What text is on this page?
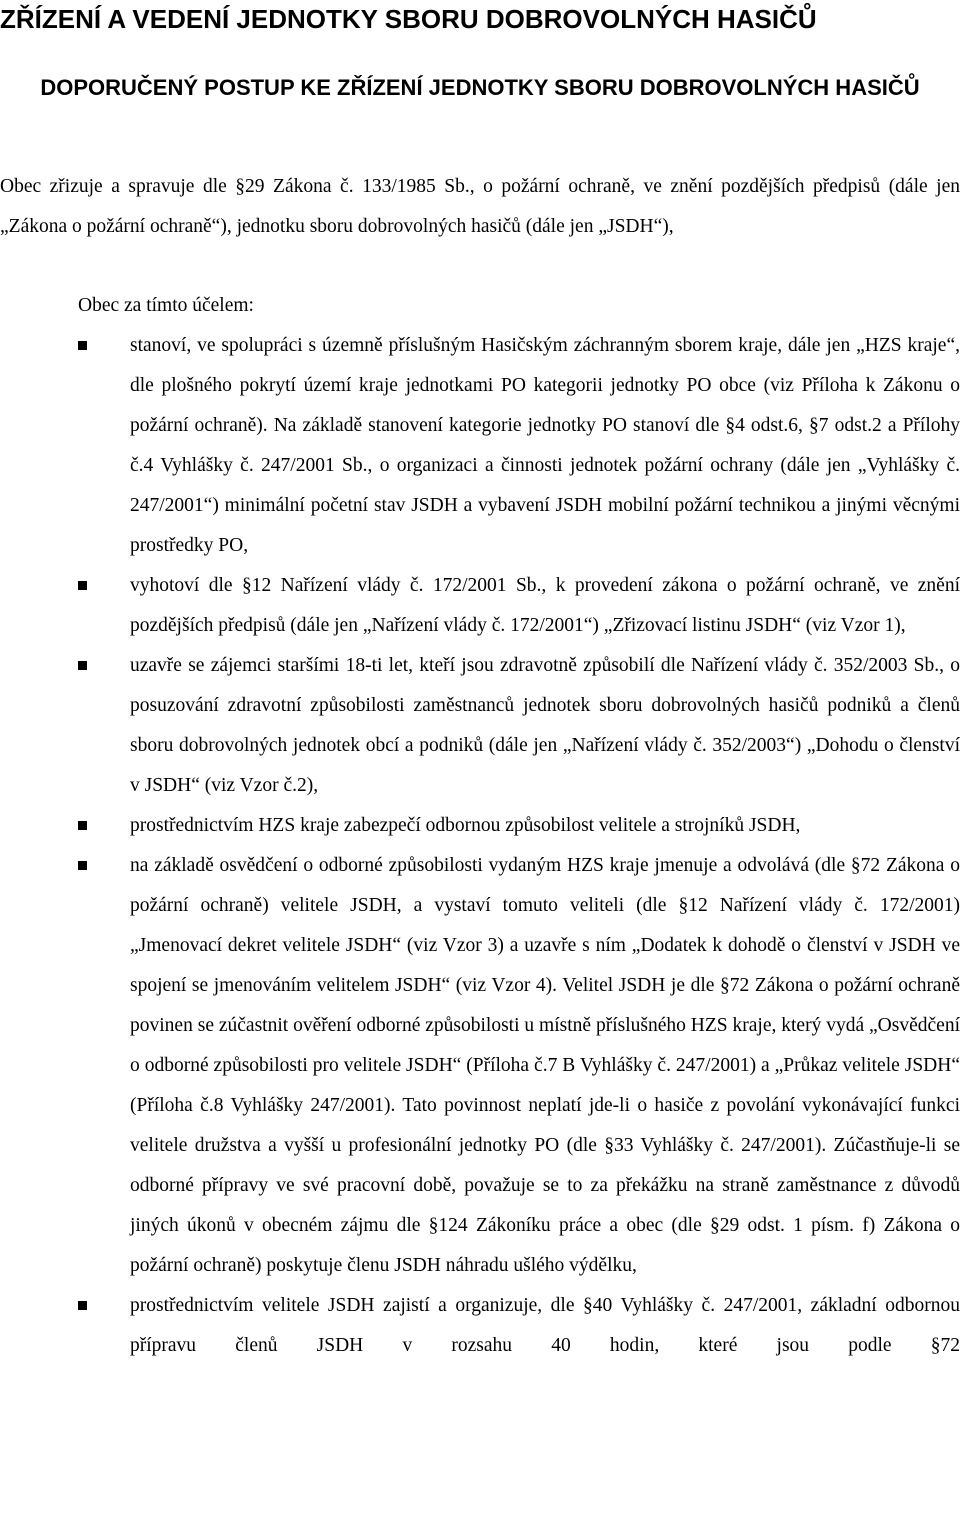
ZŘÍZENÍ A VEDENÍ JEDNOTKY SBORU DOBROVOLNÝCH HASIČŮ
DOPORUČENÝ POSTUP KE ZŘÍZENÍ JEDNOTKY SBORU DOBROVOLNÝCH HASIČŮ

Obec zřizuje a spravuje dle §29 Zákona č. 133/1985 Sb., o požární ochraně, ve znění pozdějších předpisů (dále jen „Zákona o požární ochraně“), jednotku sboru dobrovolných hasičů (dále jen „JSDH“),

Obec za tímto účelem:

stanoví, ve spolupráci s územně příslušným Hasičským záchranným sborem kraje, dále jen „HZS kraje“, dle plošného pokrytí území kraje jednotkami PO kategorii jednotky PO obce (viz Příloha k Zákonu o požární ochraně). Na základě stanovení kategorie jednotky PO stanoví dle §4 odst.6, §7 odst.2 a Přílohy č.4 Vyhlášky č. 247/2001 Sb., o organizaci a činnosti jednotek požární ochrany (dále jen „Vyhlášky č. 247/2001“) minimální početní stav JSDH a vybavení JSDH mobilní požární technikou a jinými věcnými prostředky PO,

vyhotoví dle §12 Nařízení vlády č. 172/2001 Sb., k provedení zákona o požární ochraně, ve znění pozdějších předpisů (dále jen „Nařízení vlády č. 172/2001“) „Zřizovací listinu JSDH“ (viz Vzor 1),

uzavře se zájemci staršími 18-ti let, kteří jsou zdravotně způsobilí dle Nařízení vlády č. 352/2003 Sb., o posuzování zdravotní způsobilosti zaměstnanců jednotek sboru dobrovolných hasičů podniků a členů sboru dobrovolných jednotek obcí a podniků (dále jen „Nařízení vlády č. 352/2003“) „Dohodu o členství v JSDH“ (viz Vzor č.2),

prostřednictvím HZS kraje zabezpečí odbornou způsobilost velitele a strojníků JSDH,

na základě osvědčení o odborné způsobilosti vydaným HZS kraje jmenuje a odvolává (dle §72 Zákona o požární ochraně) velitele JSDH, a vystaví tomuto veliteli (dle §12 Nařízení vlády č. 172/2001) „Jmenovací dekret velitele JSDH“ (viz Vzor 3) a uzavře s ním „Dodatek k dohodě o členství v JSDH ve spojení se jmenováním velitelem JSDH“ (viz Vzor 4). Velitel JSDH je dle §72 Zákona o požární ochraně povinen se zúčastnit ověření odborné způsobilosti u místně příslušného HZS kraje, který vydá „Osvědčení o odborné způsobilosti pro velitele JSDH“ (Příloha č.7 B Vyhlášky č. 247/2001) a „Průkaz velitele JSDH“ (Příloha č.8 Vyhlášky 247/2001). Tato povinnost neplatí jde-li o hasiče z povolání vykonávající funkci velitele družstva a vyšší u profesionální jednotky PO (dle §33 Vyhlášky č. 247/2001). Zúčastňuje-li se odborné přípravy ve své pracovní době, považuje se to za překážku na straně zaměstnance z důvodů jiných úkonů v obecném zájmu dle §124 Zákoníku práce a obec (dle §29 odst. 1 písm. f) Zákona o požární ochraně) poskytuje členu JSDH náhradu ušlého výdělku,

prostřednictvím velitele JSDH zajistí a organizuje, dle §40 Vyhlášky č. 247/2001, základní odbornou přípravu členů JSDH v rozsahu 40 hodin, které jsou podle §72
